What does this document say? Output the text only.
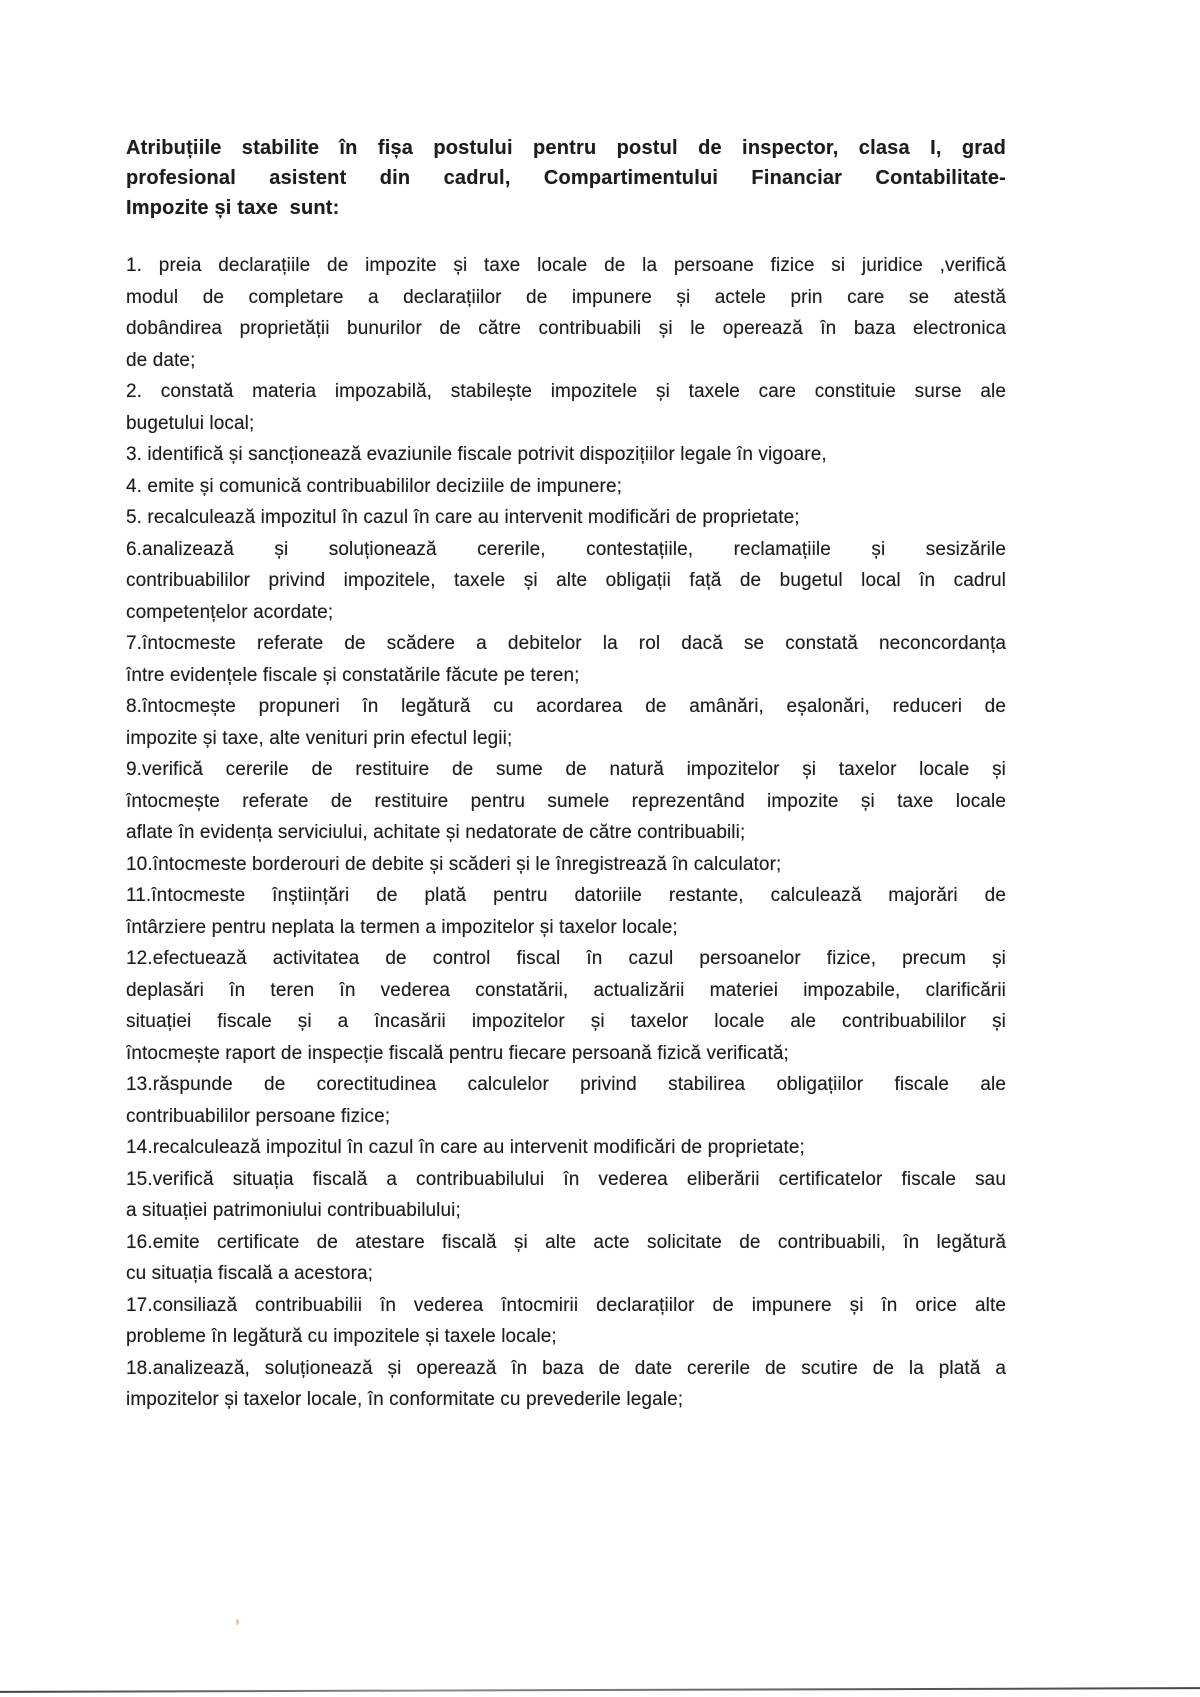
Atribuțiile stabilite în fișa postului pentru postul de inspector, clasa I, grad
profesional asistent din cadrul, Compartimentului Financiar Contabilitate-
Impozite și taxe  sunt:
1. preia declarațiile de impozite și taxe locale de la persoane fizice si juridice ,verifică
modul de completare a declarațiilor de impunere și actele prin care se atestă
dobândirea proprietății bunurilor de către contribuabili și le operează în baza electronica
de date;
2. constată materia impozabilă, stabilește impozitele și taxele care constituie surse ale
bugetului local;
3. identifică și sancționează evaziunile fiscale potrivit dispozițiilor legale în vigoare,
4. emite și comunică contribuabililor deciziile de impunere;
5. recalculează impozitul în cazul în care au intervenit modificări de proprietate;
6.analizează și soluționează cererile, contestațiile, reclamațiile și sesizările
contribuabililor privind impozitele, taxele și alte obligații față de bugetul local în cadrul
competențelor acordate;
7.întocmeste referate de scădere a debitelor la rol dacă se constată neconcordanța
între evidențele fiscale și constatările făcute pe teren;
8.întocmește propuneri în legătură cu acordarea de amânări, eșalonări, reduceri de
impozite și taxe, alte venituri prin efectul legii;
9.verifică cererile de restituire de sume de natură impozitelor și taxelor locale și
întocmește referate de restituire pentru sumele reprezentând impozite și taxe locale
aflate în evidența serviciului, achitate și nedatorate de către contribuabili;
10.întocmeste borderouri de debite și scăderi și le înregistrează în calculator;
11.întocmeste înștiințări de plată pentru datoriile restante, calculează majorări de
întârziere pentru neplata la termen a impozitelor și taxelor locale;
12.efectuează activitatea de control fiscal în cazul persoanelor fizice, precum și
deplasări în teren în vederea constatării, actualizării materiei impozabile, clarificării
situației fiscale și a încasării impozitelor și taxelor locale ale contribuabililor și
întocmește raport de inspecție fiscală pentru fiecare persoană fizică verificată;
13.răspunde de corectitudinea calculelor privind stabilirea obligațiilor fiscale ale
contribuabililor persoane fizice;
14.recalculează impozitul în cazul în care au intervenit modificări de proprietate;
15.verifică situația fiscală a contribuabilului în vederea eliberării certificatelor fiscale sau
a situației patrimoniului contribuabilului;
16.emite certificate de atestare fiscală și alte acte solicitate de contribuabili, în legătură
cu situația fiscală a acestora;
17.consiliază contribuabilii în vederea întocmirii declarațiilor de impunere și în orice alte
probleme în legătură cu impozitele și taxele locale;
18.analizează, soluționează și operează în baza de date cererile de scutire de la plată a
impozitelor și taxelor locale, în conformitate cu prevederile legale;
